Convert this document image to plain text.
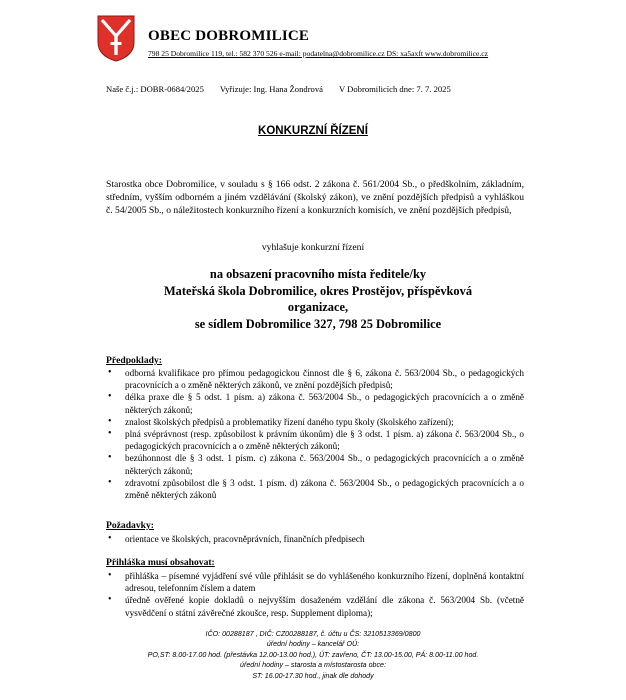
OBEC DOBROMILICE
798 25 Dobromilice 119, tel.: 582 370 526 e-mail: podatelna@dobromilice.cz DS: xa5axft www.dobromilice.cz
Naše č.j.: DOBR-0684/2025 Vyřizuje: Ing. Hana Žondrová V Dobromilicích dne: 7. 7. 2025
KONKURZNÍ ŘÍZENÍ
Starostka obce Dobromilice, v souladu s § 166 odst. 2 zákona č. 561/2004 Sb., o předškolním, základním, středním, vyšším odborném a jiném vzdělávání (školský zákon), ve znění pozdějších předpisů a vyhláškou č. 54/2005 Sb., o náležitostech konkurzního řízení a konkurzních komisích, ve znění pozdějších předpisů,
vyhlašuje konkurzní řízení
na obsazení pracovního místa ředitele/ky
Mateřská škola Dobromilice, okres Prostějov, příspěvková organizace,
se sídlem Dobromilice 327, 798 25 Dobromilice
Předpoklady:
• odborná kvalifikace pro přímou pedagogickou činnost dle § 6, zákona č. 563/2004 Sb., o pedagogických pracovnících a o změně některých zákonů, ve znění pozdějších předpisů;
• délka praxe dle § 5 odst. 1 písm. a) zákona č. 563/2004 Sb., o pedagogických pracovnících a o změně některých zákonů;
• znalost školských předpisů a problematiky řízení daného typu školy (školského zařízení);
• plná svéprávnost (resp. způsobilost k právním úkonům) dle § 3 odst. 1 písm. a) zákona č. 563/2004 Sb., o pedagogických pracovnících a o změně některých zákonů;
• bezúhonnost dle § 3 odst. 1 písm. c) zákona č. 563/2004 Sb., o pedagogických pracovnících a o změně některých zákonů;
• zdravotní způsobilost dle § 3 odst. 1 písm. d) zákona č. 563/2004 Sb., o pedagogických pracovnících a o změně některých zákonů
Požadavky:
• orientace ve školských, pracovněprávních, finančních předpisech
Přihláška musí obsahovat:
• přihláška – písemné vyjádření své vůle přihlásit se do vyhlášeného konkurzního řízení, doplněná kontaktní adresou, telefonním číslem a datem
• úředně ověřené kopie dokladů o nejvyšším dosaženém vzdělání dle zákona č. 563/2004 Sb. (včetně vysvědčení o státní závěrečné zkoušce, resp. Supplement diploma);
IČO: 00288187 , DIČ: CZ00288187, č. účtu u ČS: 3210513369/0800
úřední hodiny – kancelář OÚ:
PO,ST: 8.00-17.00 hod. (přestávka 12.00-13.00 hod.), ÚT: zavřeno, ČT: 13.00-15.00, PÁ: 8.00-11.00 hod.
úřední hodiny – starosta a místostarosta obce:
ST: 16.00-17.30 hod., jinak dle dohody
